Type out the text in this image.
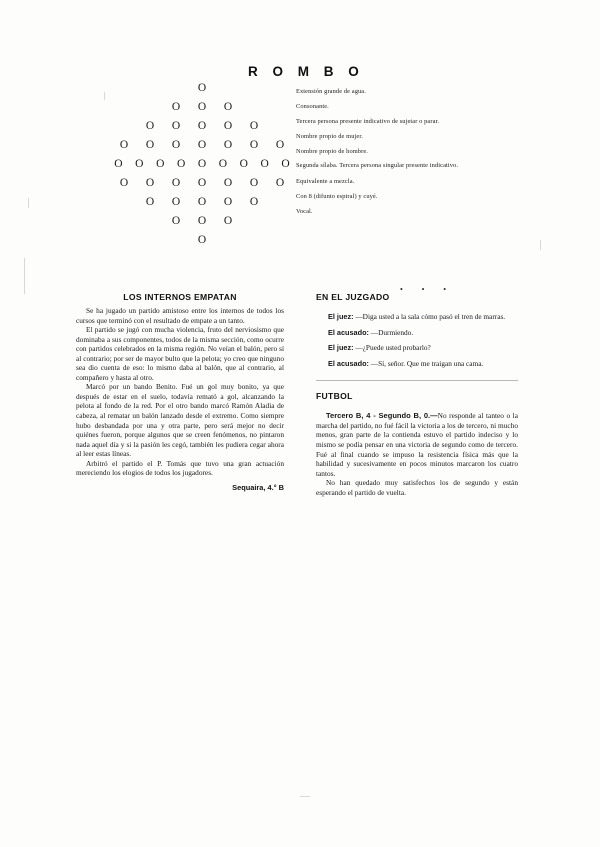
R O M B O
O
O	O	O
O	O	O	O	O
O	O	O	O	O	O	O
O	O	O	O	O	O	O	O	O
O	O	O	O	O	O	O
O	O	O	O	O
O	O	O
O

Extensión grande de agua.

Consonante.

Tercera persona presente indicativo de sujetar o parar.

Nombre propio de mujer.

Nombre propio de hombre.

Segunda sílaba. Tercera persona singular presente indicativo.

Equivalente a mezcla.

Con 8 (difunto espiral) y cuyé.

Vocal.

• • •
LOS INTERNOS EMPATAN

Se ha jugado un partido amistoso entre los internos de todos los cursos que terminó con el resultado de empate a un tanto.

El partido se jugó con mucha violencia, fruto del nerviosismo que dominaba a sus componentes, todos de la misma sección, como ocurre con partidos celebrados en la misma región. No veían el balón, pero sí al contrario; por ser de mayor bulto que la pelota; yo creo que ninguno sea dio cuenta de eso: lo mismo daba al balón, que al contrario, al compañero y hasta al otro.

Marcó por un bando Benito. Fué un gol muy bonito, ya que después de estar en el suelo, todavía remató a gol, alcanzando la pelota al fondo de la red. Por el otro bando marcó Ramón Aladia de cabeza, al rematar un balón lanzado desde el extremo. Como siempre hubo desbandada por una y otra parte, pero será mejor no decir quiénes fueron, porque algunos que se creen fenómenos, no pintaron nada aquel día y si la pasión les cegó, también les pudiera cegar ahora al leer estas líneas.

Arbitró el partido el P. Tomás que tuvo una gran actuación mereciendo los elogios de todos los jugadores.

Sequaira, 4.° B

EN EL JUZGADO

El juez: —Diga usted a la sala cómo pasó el tren de marras.

El acusado: —Durmiendo.

El juez: —¿Puede usted probarlo?

El acusado: —Sí, señor. Que me traigan una cama.

FUTBOL

Tercero B, 4 - Segundo B, 0.—No responde al tanteo o la marcha del partido, no fué fácil la victoria a los de tercero, ni mucho menos, gran parte de la contienda estuvo el partido indeciso y lo mismo se podía pensar en una victoria de segundo como de tercero. Fué al final cuando se impuso la resistencia física más que la habilidad y sucesivamente en pocos minutos marcaron los cuatro tantos.

No han quedado muy satisfechos los de segundo y están esperando el partido de vuelta.
